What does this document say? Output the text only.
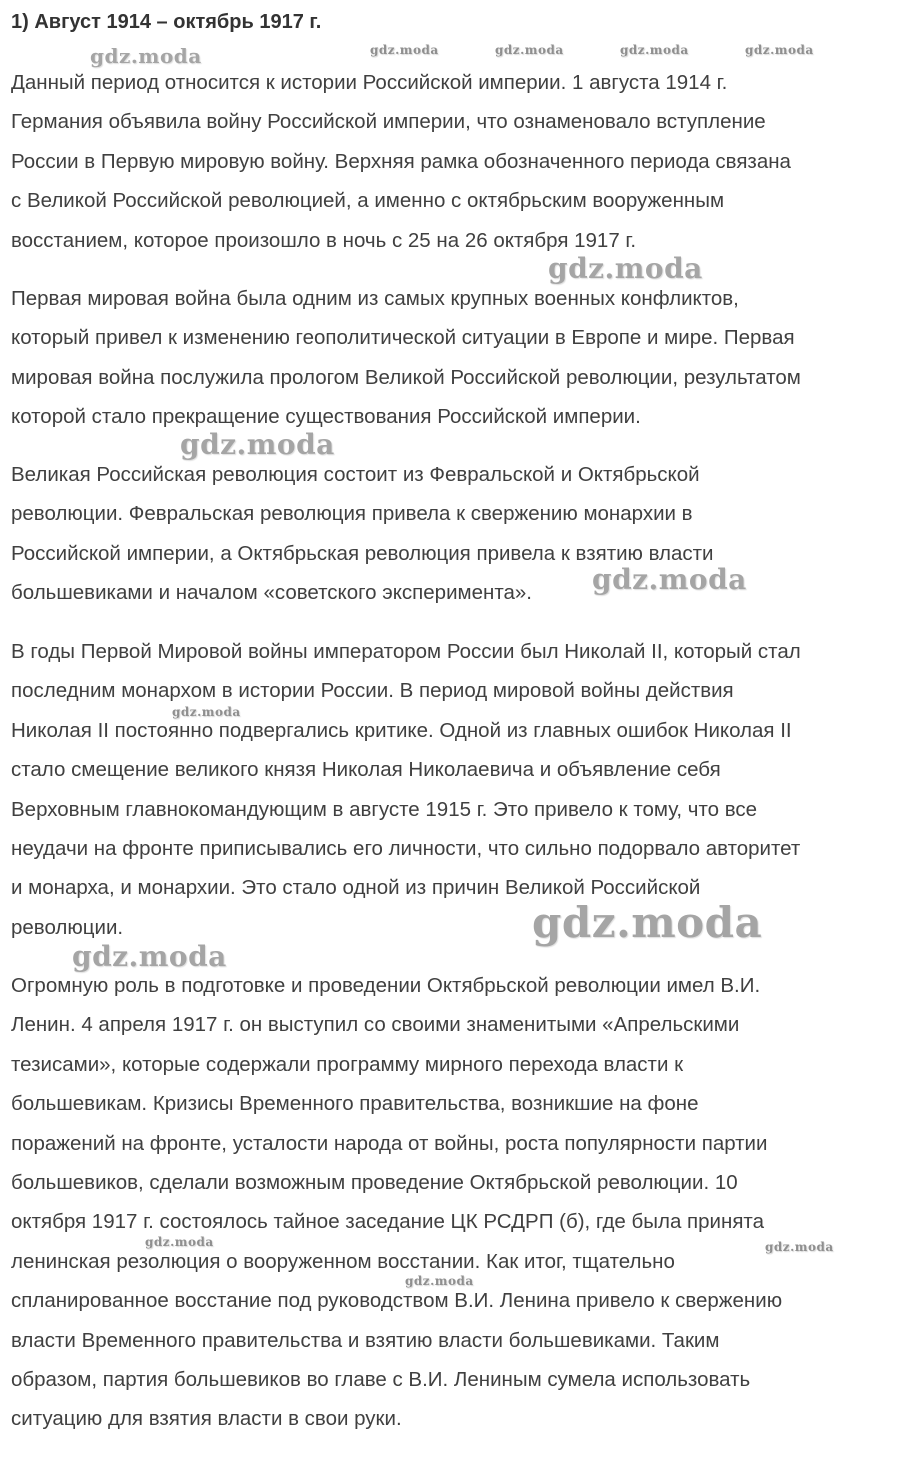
1) Август 1914 – октябрь 1917 г.
Данный период относится к истории Российской империи. 1 августа 1914 г.
Германия объявила войну Российской империи, что ознаменовало вступление
России в Первую мировую войну. Верхняя рамка обозначенного периода связана
с Великой Российской революцией, а именно с октябрьским вооруженным
восстанием, которое произошло в ночь с 25 на 26 октября 1917 г.
Первая мировая война была одним из самых крупных военных конфликтов,
который привел к изменению геополитической ситуации в Европе и мире. Первая
мировая война послужила прологом Великой Российской революции, результатом
которой стало прекращение существования Российской империи.
Великая Российская революция состоит из Февральской и Октябрьской
революции. Февральская революция привела к свержению монархии в
Российской империи, а Октябрьская революция привела к взятию власти
большевиками и началом «советского эксперимента».
В годы Первой Мировой войны императором России был Николай II, который стал
последним монархом в истории России. В период мировой войны действия
Николая II постоянно подвергались критике. Одной из главных ошибок Николая II
стало смещение великого князя Николая Николаевича и объявление себя
Верховным главнокомандующим в августе 1915 г. Это привело к тому, что все
неудачи на фронте приписывались его личности, что сильно подорвало авторитет
и монарха, и монархии. Это стало одной из причин Великой Российской
революции.
Огромную роль в подготовке и проведении Октябрьской революции имел В.И.
Ленин. 4 апреля 1917 г. он выступил со своими знаменитыми «Апрельскими
тезисами», которые содержали программу мирного перехода власти к
большевикам. Кризисы Временного правительства, возникшие на фоне
поражений на фронте, усталости народа от войны, роста популярности партии
большевиков, сделали возможным проведение Октябрьской революции. 10
октября 1917 г. состоялось тайное заседание ЦК РСДРП (б), где была принята
ленинская резолюция о вооруженном восстании. Как итог, тщательно
спланированное восстание под руководством В.И. Ленина привело к свержению
власти Временного правительства и взятию власти большевиками. Таким
образом, партия большевиков во главе с В.И. Лениным сумела использовать
ситуацию для взятия власти в свои руки.
gdz.moda	gdz.moda	gdz.moda	gdz.moda	gdz.moda
gdz.moda
gdz.moda
gdz.moda
gdz.moda
gdz.moda
gdz.moda
gdz.moda	gdz.moda
gdz.moda
